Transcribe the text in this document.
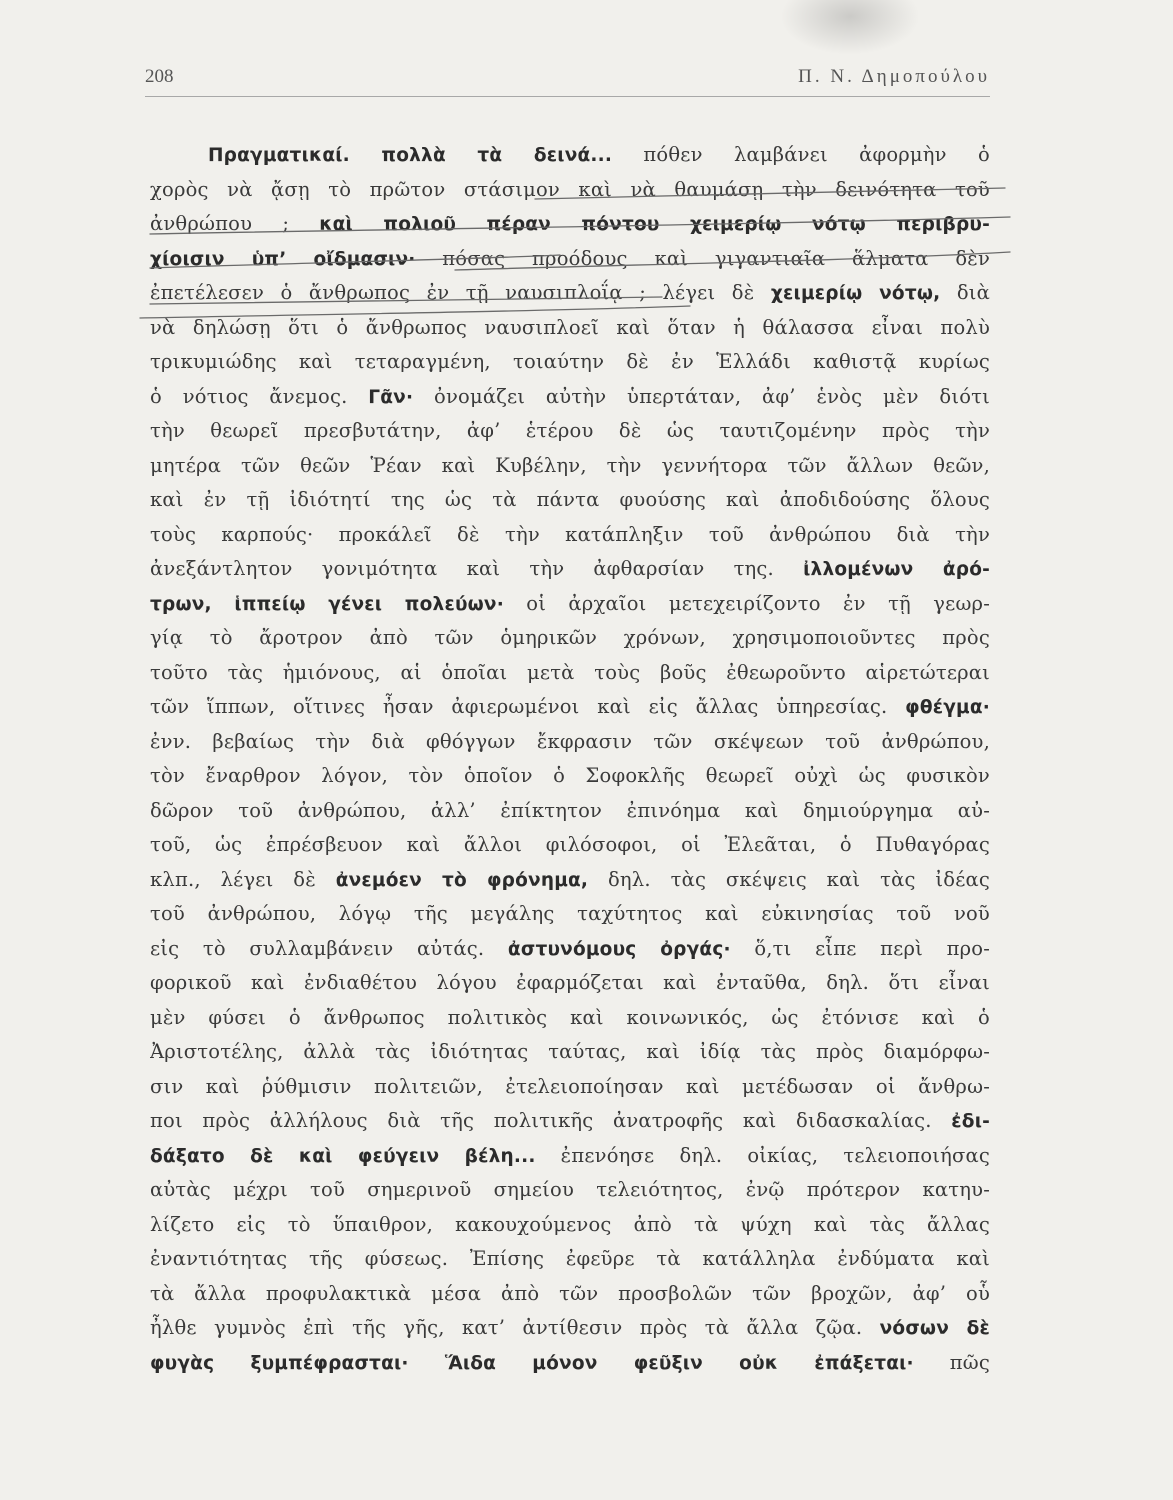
208	Π. Ν. Δημοπούλου
Πραγματικαί. πολλὰ τὰ δεινά... πόθεν λαμβάνει ἀφορμὴν ὁ
χορὸς νὰ ᾄσῃ τὸ πρῶτον στάσιμον καὶ νὰ θαυμάσῃ τὴν δεινότητα τοῦ
ἀνθρώπου ; καὶ πολιοῦ πέραν πόντου χειμερίῳ νότῳ περιβρυ-
χίοισιν ὑπ’ οἴδμασιν· πόσας προόδους καὶ γιγαντιαῖα ἅλματα δὲν
ἐπετέλεσεν ὁ ἄνθρωπος ἐν τῇ ναυσιπλοΐᾳ ; λέγει δὲ χειμερίῳ νότῳ, διὰ
νὰ δηλώσῃ ὅτι ὁ ἄνθρωπος ναυσιπλοεῖ καὶ ὅταν ἡ θάλασσα εἶναι πολὺ
τρικυμιώδης καὶ τεταραγμένη, τοιαύτην δὲ ἐν Ἑλλάδι καθιστᾷ κυρίως
ὁ νότιος ἄνεμος. Γᾶν· ὀνομάζει αὐτὴν ὑπερτάταν, ἀφ’ ἑνὸς μὲν διότι
τὴν θεωρεῖ πρεσβυτάτην, ἀφ’ ἑτέρου δὲ ὡς ταυτιζομένην πρὸς τὴν
μητέρα τῶν θεῶν Ῥέαν καὶ Κυβέλην, τὴν γεννήτορα τῶν ἄλλων θεῶν,
καὶ ἐν τῇ ἰδιότητί της ὡς τὰ πάντα φυούσης καὶ ἀποδιδούσης ὅλους
τοὺς καρπούς· προκάλεῖ δὲ τὴν κατάπληξιν τοῦ ἀνθρώπου διὰ τὴν
ἀνεξάντλητον γονιμότητα καὶ τὴν ἀφθαρσίαν της. ἰλλομένων ἀρό-
τρων, ἱππείῳ γένει πολεύων· οἱ ἀρχαῖοι μετεχειρίζοντο ἐν τῇ γεωρ-
γίᾳ τὸ ἄροτρον ἀπὸ τῶν ὁμηρικῶν χρόνων, χρησιμοποιοῦντες πρὸς
τοῦτο τὰς ἡμιόνους, αἱ ὁποῖαι μετὰ τοὺς βοῦς ἐθεωροῦντο αἱρετώτεραι
τῶν ἵππων, οἵτινες ἦσαν ἀφιερωμένοι καὶ εἰς ἄλλας ὑπηρεσίας. φθέγμα·
ἐνν. βεβαίως τὴν διὰ φθόγγων ἔκφρασιν τῶν σκέψεων τοῦ ἀνθρώπου,
τὸν ἔναρθρον λόγον, τὸν ὁποῖον ὁ Σοφοκλῆς θεωρεῖ οὐχὶ ὡς φυσικὸν
δῶρον τοῦ ἀνθρώπου, ἀλλ’ ἐπίκτητον ἐπινόημα καὶ δημιούργημα αὐ-
τοῦ, ὡς ἐπρέσβευον καὶ ἄλλοι φιλόσοφοι, οἱ Ἐλεᾶται, ὁ Πυθαγόρας
κλπ., λέγει δὲ ἀνεμόεν τὸ φρόνημα, δηλ. τὰς σκέψεις καὶ τὰς ἰδέας
τοῦ ἀνθρώπου, λόγῳ τῆς μεγάλης ταχύτητος καὶ εὐκινησίας τοῦ νοῦ
εἰς τὸ συλλαμβάνειν αὐτάς. ἀστυνόμους ὀργάς· ὅ,τι εἶπε περὶ προ-
φορικοῦ καὶ ἐνδιαθέτου λόγου ἐφαρμόζεται καὶ ἐνταῦθα, δηλ. ὅτι εἶναι
μὲν φύσει ὁ ἄνθρωπος πολιτικὸς καὶ κοινωνικός, ὡς ἐτόνισε καὶ ὁ
Ἀριστοτέλης, ἀλλὰ τὰς ἰδιότητας ταύτας, καὶ ἰδίᾳ τὰς πρὸς διαμόρφω-
σιν καὶ ῥύθμισιν πολιτειῶν, ἐτελειοποίησαν καὶ μετέδωσαν οἱ ἄνθρω-
ποι πρὸς ἀλλήλους διὰ τῆς πολιτικῆς ἀνατροφῆς καὶ διδασκαλίας. ἐδι-
δάξατο δὲ καὶ φεύγειν βέλη... ἐπενόησε δηλ. οἰκίας, τελειοποιήσας
αὐτὰς μέχρι τοῦ σημερινοῦ σημείου τελειότητος, ἐνῷ πρότερον κατηυ-
λίζετο εἰς τὸ ὕπαιθρον, κακουχούμενος ἀπὸ τὰ ψύχη καὶ τὰς ἄλλας
ἐναντιότητας τῆς φύσεως. Ἐπίσης ἐφεῦρε τὰ κατάλληλα ἐνδύματα καὶ
τὰ ἄλλα προφυλακτικὰ μέσα ἀπὸ τῶν προσβολῶν τῶν βροχῶν, ἀφ’ οὗ
ἦλθε γυμνὸς ἐπὶ τῆς γῆς, κατ’ ἀντίθεσιν πρὸς τὰ ἄλλα ζῷα. νόσων δὲ
φυγὰς ξυμπέφρασται· Ἅιδα μόνον φεῦξιν οὐκ ἐπάξεται· πῶς
